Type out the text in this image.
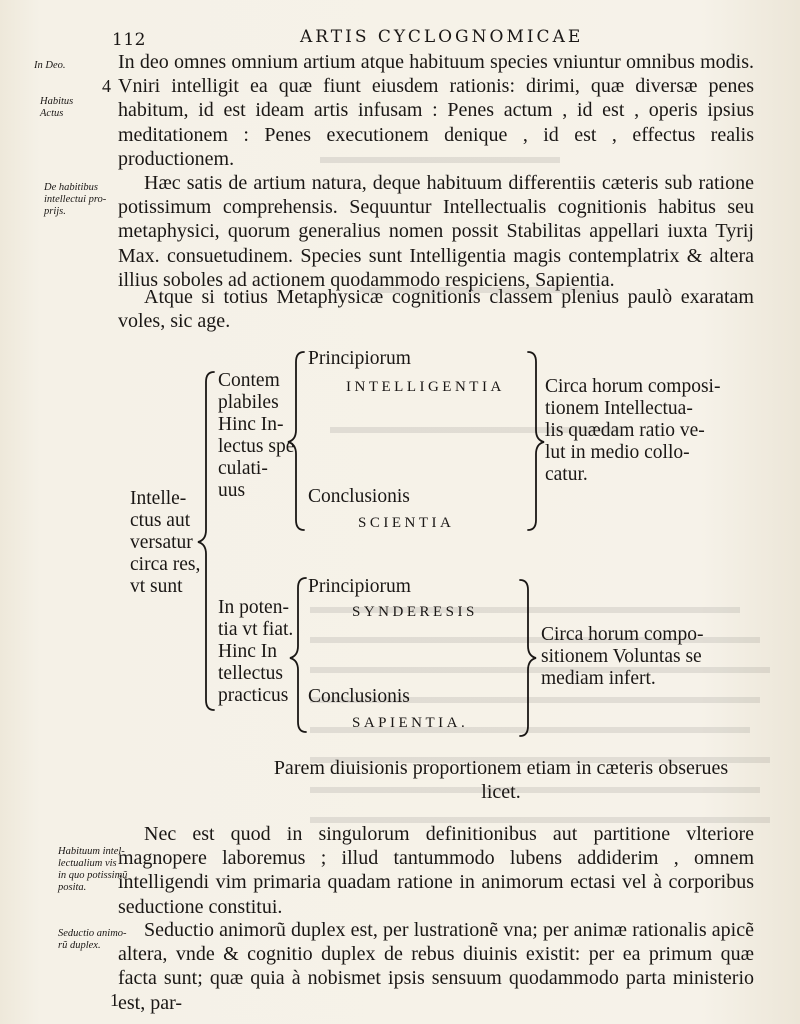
112	ARTIS CYCLOGNOMICAE
In Deo.
Habitus
Actus
De habitibus
intellectui pro-
prijs.
Habituum intel-
lectualium vis
in quo potissimũ
posita.
Seductio animo-
rũ duplex.
4
1
In deo omnes omnium artium atque habituum species vniuntur omnibus modis. Vniri intelligit ea quæ fiunt eiusdem rationis: dirimi, quæ diversæ penes habitum, id est ideam artis infusam : Penes actum , id est , operis ipsius meditationem : Penes executionem denique , id est , effectus realis productionem.
Hæc satis de artium natura, deque habituum differentiis cæteris sub ratione potissimum comprehensis. Sequuntur Intellectualis cognitionis habitus seu metaphysici, quorum generalius nomen possit Stabilitas appellari iuxta Tyrij Max. consuetudinem. Species sunt Intelligentia magis contemplatrix & altera illius soboles ad actionem quodammodo respiciens, Sapientia.
Atque si totius Metaphysicæ cognitionis classem plenius paulò exaratam voles, sic age.
Intelle-
ctus aut
versatur
circa res,
vt sunt
Contem
plabiles
Hinc In-
lectus spe
culati-
uus
Principiorum
INTELLIGENTIA
Conclusionis
SCIENTIA
Circa horum composi-
tionem Intellectua-
lis quædam ratio ve-
lut in medio collo-
catur.
In poten-
tia vt fiat.
Hinc In
tellectus
practicus
Principiorum
SYNDERESIS
Conclusionis
SAPIENTIA.
Circa horum compo-
sitionem Voluntas se
mediam infert.
Parem diuisionis proportionem etiam in cæteris obserues licet.
Nec est quod in singulorum definitionibus aut partitione vlteriore magnopere laboremus ; illud tantummodo lubens addiderim , omnem intelligendi vim primaria quadam ratione in animorum ectasi vel à corporibus seductione constitui.
Seductio animorũ duplex est, per lustrationẽ vna; per animæ rationalis apicẽ altera, vnde & cognitio duplex de rebus diuinis existit: per ea primum quæ facta sunt; quæ quia à nobismet ipsis sensuum quodammodo parta ministerio est, par-
